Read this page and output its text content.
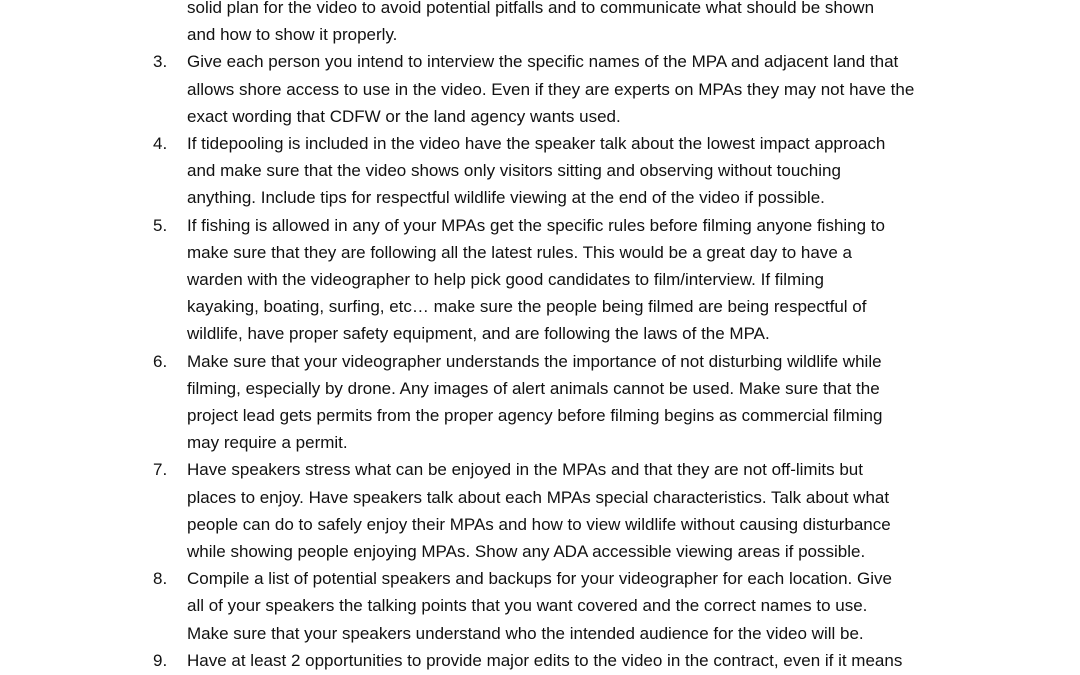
solid plan for the video to avoid potential pitfalls and to communicate what should be shown
and how to show it properly.
3.	Give each person you intend to interview the specific names of the MPA and adjacent land that
allows shore access to use in the video. Even if they are experts on MPAs they may not have the
exact wording that CDFW or the land agency wants used.
4.	If tidepooling is included in the video have the speaker talk about the lowest impact approach
and make sure that the video shows only visitors sitting and observing without touching
anything. Include tips for respectful wildlife viewing at the end of the video if possible.
5.	If fishing is allowed in any of your MPAs get the specific rules before filming anyone fishing to
make sure that they are following all the latest rules. This would be a great day to have a
warden with the videographer to help pick good candidates to film/interview. If filming
kayaking, boating, surfing, etc… make sure the people being filmed are being respectful of
wildlife, have proper safety equipment, and are following the laws of the MPA.
6.	Make sure that your videographer understands the importance of not disturbing wildlife while
filming, especially by drone. Any images of alert animals cannot be used. Make sure that the
project lead gets permits from the proper agency before filming begins as commercial filming
may require a permit.
7.	Have speakers stress what can be enjoyed in the MPAs and that they are not off-limits but
places to enjoy. Have speakers talk about each MPAs special characteristics. Talk about what
people can do to safely enjoy their MPAs and how to view wildlife without causing disturbance
while showing people enjoying MPAs. Show any ADA accessible viewing areas if possible.
8.	Compile a list of potential speakers and backups for your videographer for each location. Give
all of your speakers the talking points that you want covered and the correct names to use.
Make sure that your speakers understand who the intended audience for the video will be.
9.	Have at least 2 opportunities to provide major edits to the video in the contract, even if it means
